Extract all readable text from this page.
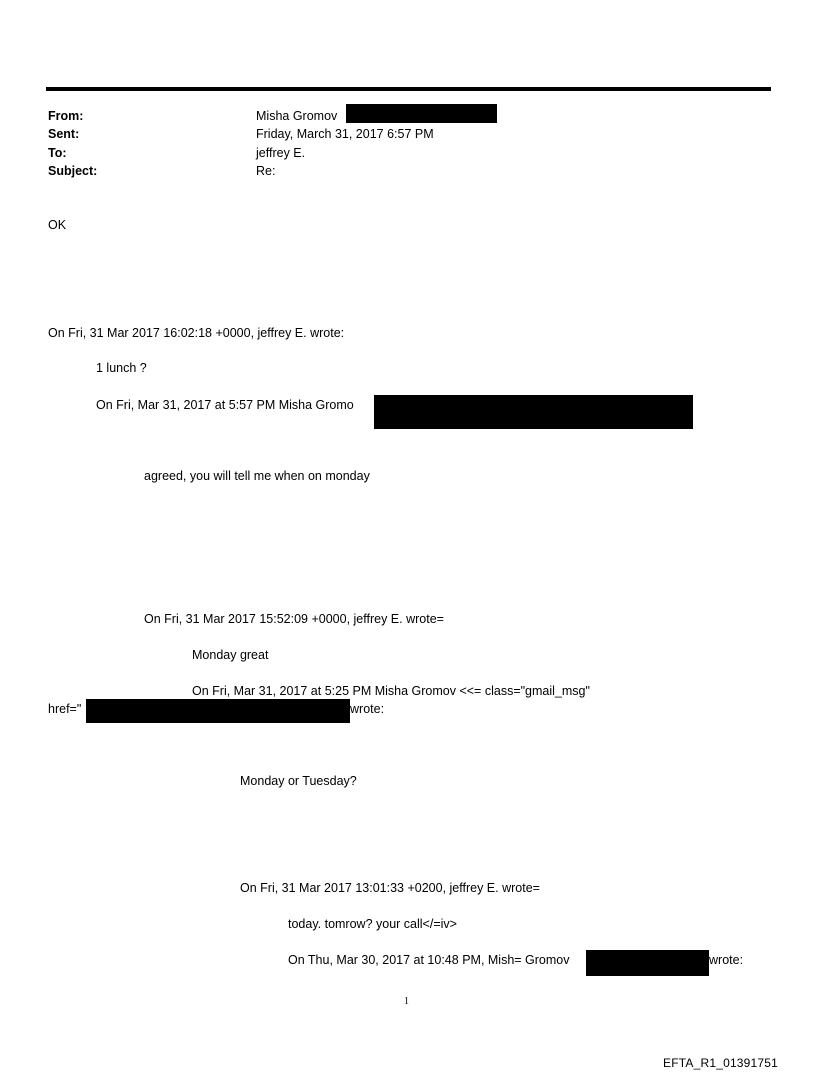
From:	Misha Gromov
Sent:	Friday, March 31, 2017 6:57 PM
To:	jeffrey E.
Subject:	Re:
OK
On Fri, 31 Mar 2017 16:02:18 +0000, jeffrey E. wrote:
1 lunch ?
On Fri, Mar 31, 2017 at 5:57 PM Misha Gromo
agreed, you will tell me when on monday
On Fri, 31 Mar 2017 15:52:09 +0000, jeffrey E. wrote=
Monday great
On Fri, Mar 31, 2017 at 5:25 PM Misha Gromov <<= class="gmail_msg"
href="	wrote:
Monday or Tuesday?
On Fri, 31 Mar 2017 13:01:33 +0200, jeffrey E. wrote=
today. tomrow? your call</=iv>
On Thu, Mar 30, 2017 at 10:48 PM, Mish= Gromov	wrote:
1
EFTA_R1_01391751
